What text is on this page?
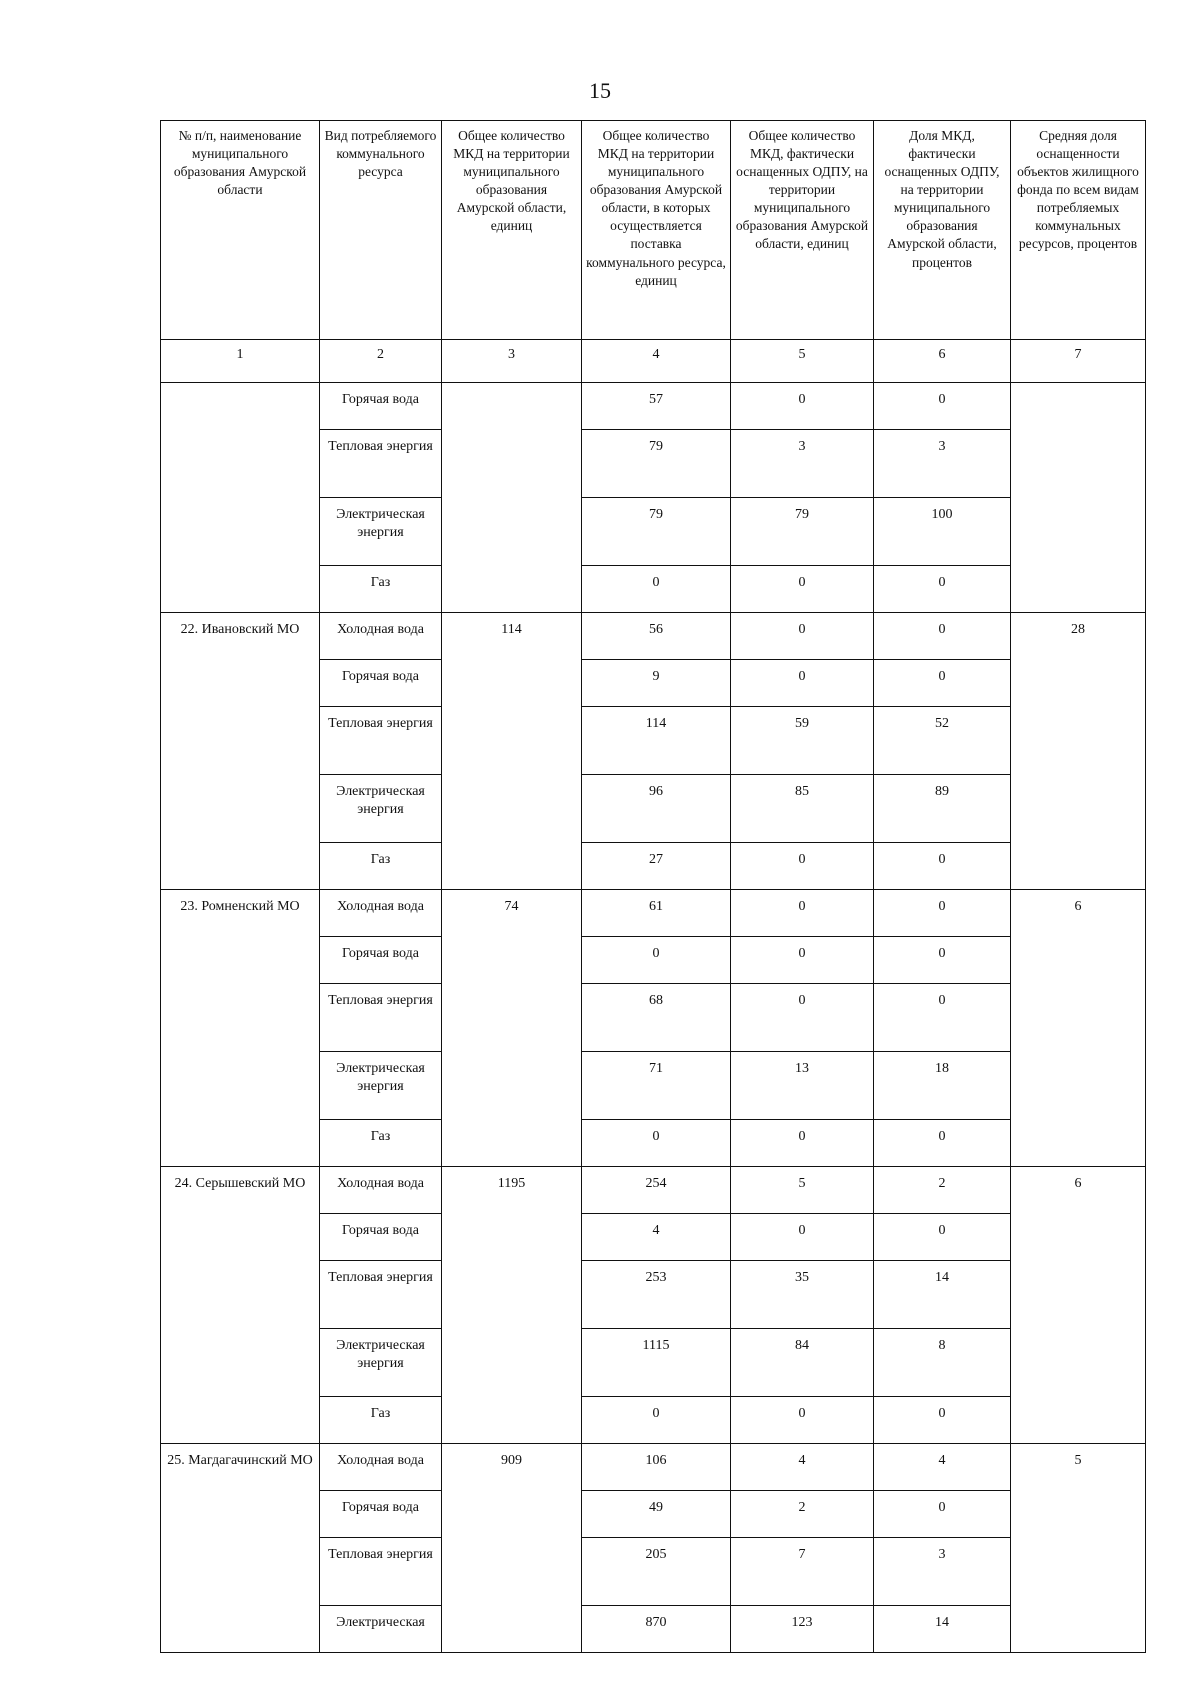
15
№ п/п, наименование муниципального образования Амурской области	Вид потребляемого коммунального ресурса	Общее количество МКД на территории муниципального образования Амурской области, единиц	Общее количество МКД на территории муниципального образования Амурской области, в которых осуществляется поставка коммунального ресурса, единиц	Общее количество МКД, фактически оснащенных ОДПУ, на территории муниципального образования Амурской области, единиц	Доля МКД, фактически оснащенных ОДПУ, на территории муниципального образования Амурской области, процентов	Средняя доля оснащенности объектов жилищного фонда по всем видам потребляемых коммунальных ресурсов, процентов
1	2	3	4	5	6	7
	Горячая вода		57	0	0	
	Тепловая энергия		79	3	3	
	Электрическая энергия		79	79	100	
	Газ		0	0	0	
22. Ивановский МО	Холодная вода	114	56	0	0	28
	Горячая вода		9	0	0	
	Тепловая энергия		114	59	52	
	Электрическая энергия		96	85	89	
	Газ		27	0	0	
23. Ромненский МО	Холодная вода	74	61	0	0	6
	Горячая вода		0	0	0	
	Тепловая энергия		68	0	0	
	Электрическая энергия		71	13	18	
	Газ		0	0	0	
24. Серышевский МО	Холодная вода	1195	254	5	2	6
	Горячая вода		4	0	0	
	Тепловая энергия		253	35	14	
	Электрическая энергия		1115	84	8	
	Газ		0	0	0	
25. Магдагачинский МО	Холодная вода	909	106	4	4	5
	Горячая вода		49	2	0	
	Тепловая энергия		205	7	3	
	Электрическая		870	123	14	
